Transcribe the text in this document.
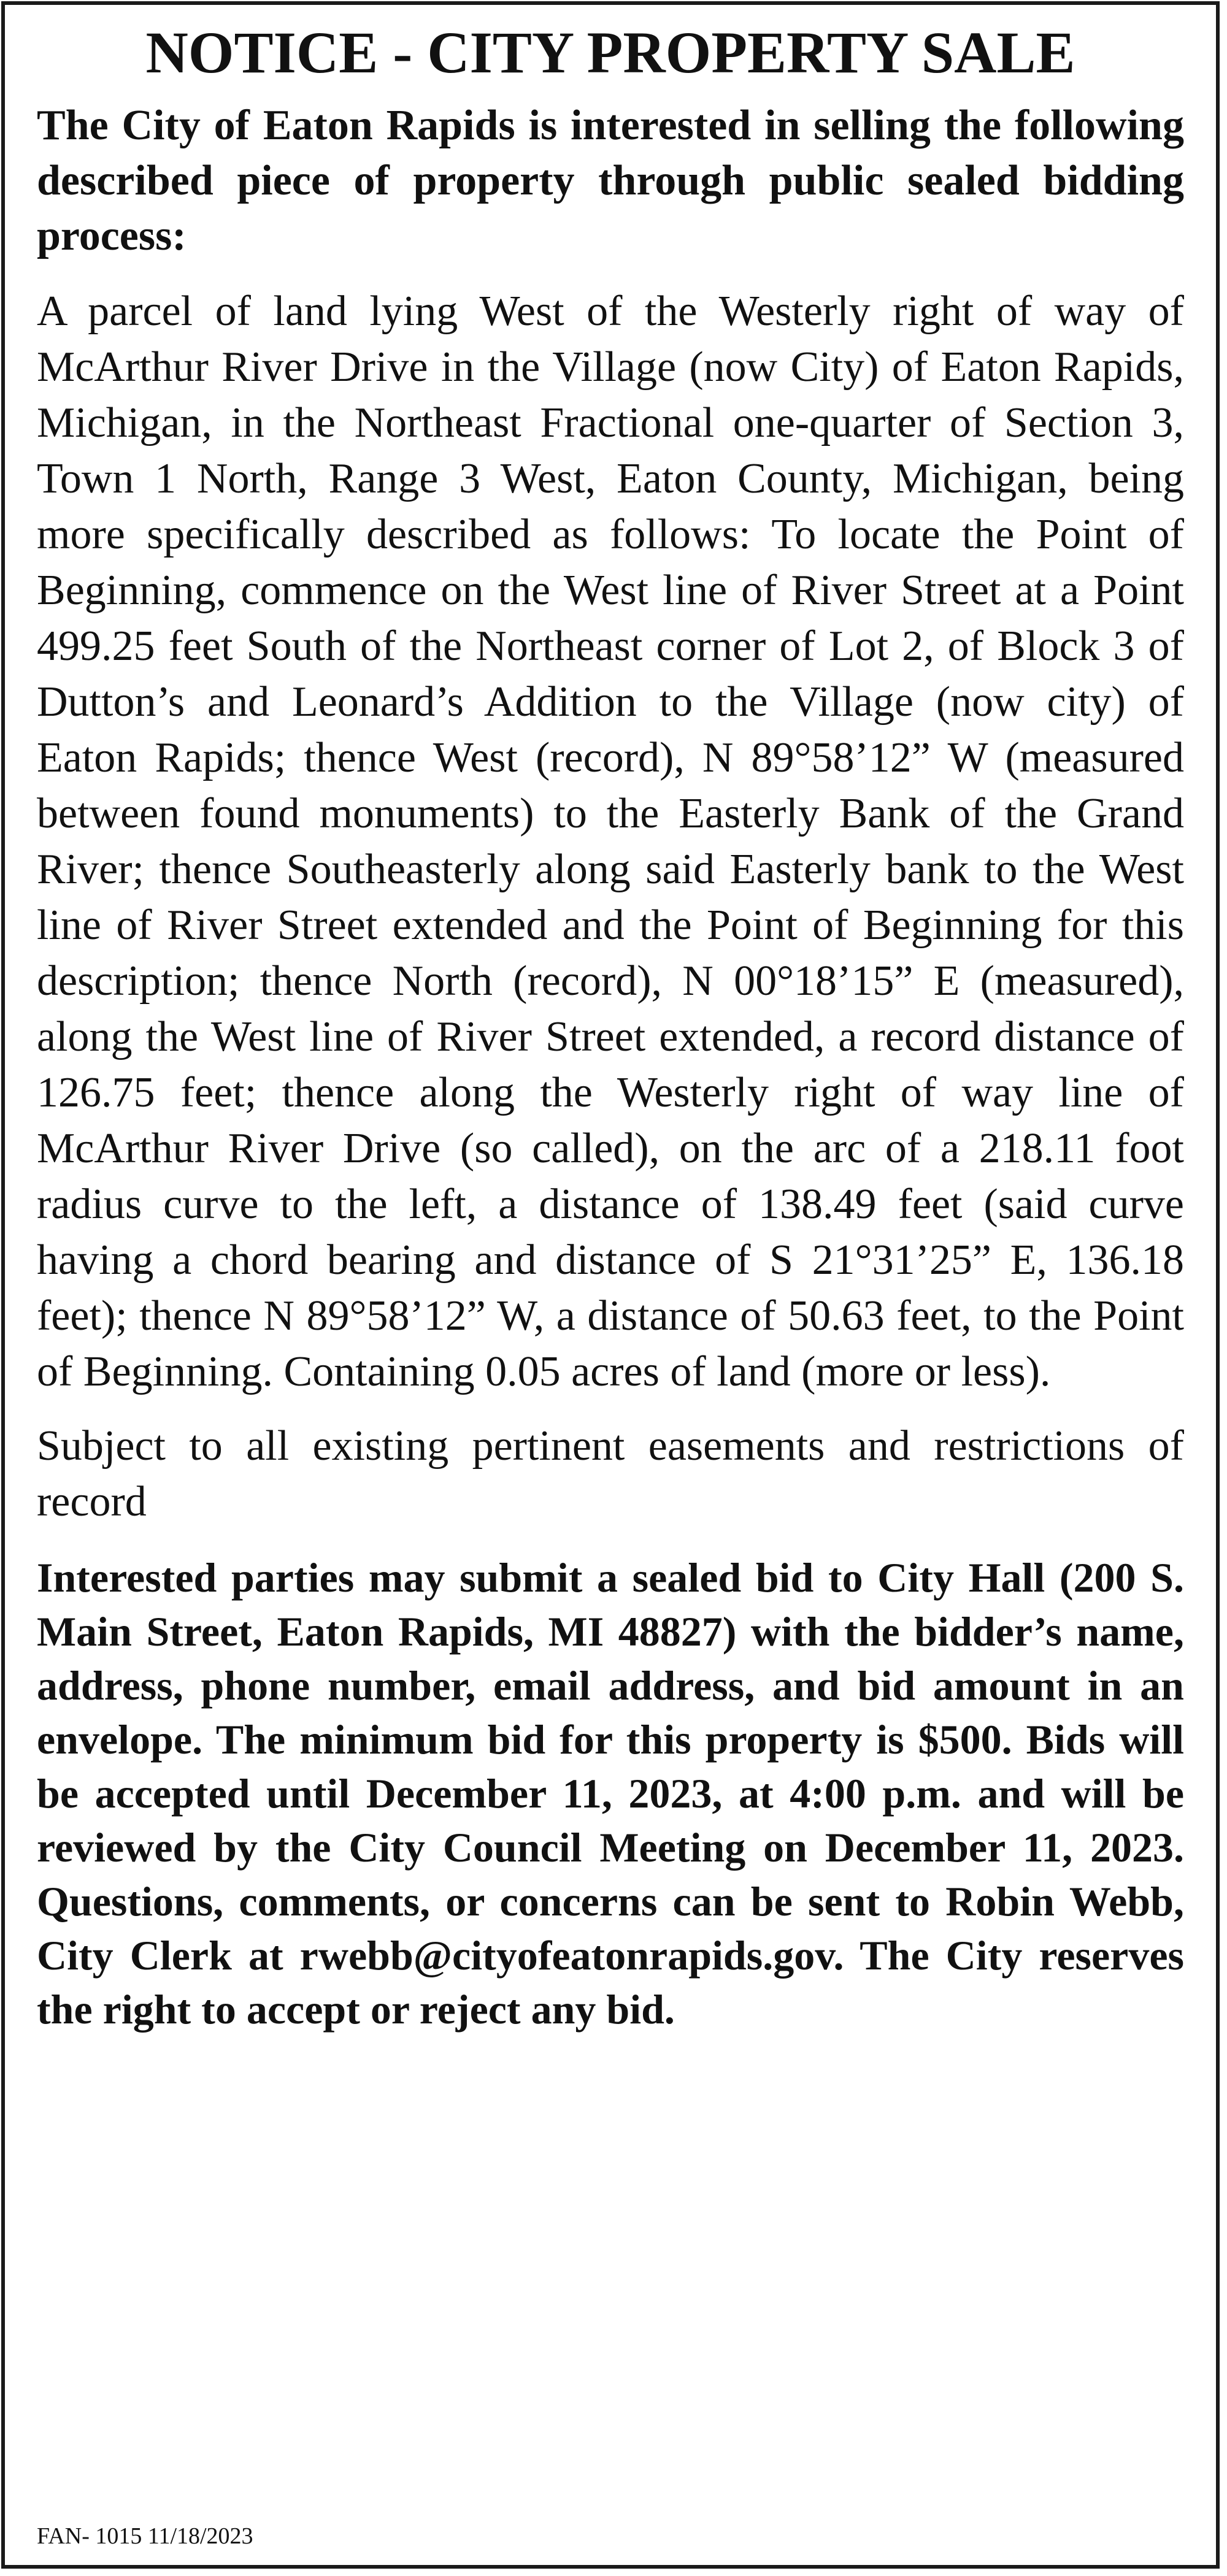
NOTICE - CITY PROPERTY SALE

The City of Eaton Rapids is interested in selling the following described piece of property through public sealed bidding process:

A parcel of land lying West of the Westerly right of way of McArthur River Drive in the Village (now City) of Eaton Rapids, Michigan, in the Northeast Fractional one-quarter of Section 3, Town 1 North, Range 3 West, Eaton County, Michigan, being more specifically described as follows: To locate the Point of Beginning, commence on the West line of River Street at a Point 499.25 feet South of the Northeast corner of Lot 2, of Block 3 of Dutton’s and Leonard’s Addition to the Village (now city) of Eaton Rapids; thence West (record), N 89°58’12” W (measured between found monuments) to the Easterly Bank of the Grand River; thence Southeasterly along said Easterly bank to the West line of River Street extended and the Point of Beginning for this description; thence North (record), N 00°18’15” E (measured), along the West line of River Street extended, a record distance of 126.75 feet; thence along the Westerly right of way line of McArthur River Drive (so called), on the arc of a 218.11 foot radius curve to the left, a distance of 138.49 feet (said curve having a chord bearing and distance of S 21°31’25” E, 136.18 feet); thence N 89°58’12” W, a distance of 50.63 feet, to the Point of Beginning. Containing 0.05 acres of land (more or less).

Subject to all existing pertinent easements and restrictions of record

Interested parties may submit a sealed bid to City Hall (200 S. Main Street, Eaton Rapids, MI 48827) with the bidder’s name, address, phone number, email address, and bid amount in an envelope. The minimum bid for this property is $500. Bids will be accepted until December 11, 2023, at 4:00 p.m. and will be reviewed by the City Council Meeting on December 11, 2023. Questions, comments, or concerns can be sent to Robin Webb, City Clerk at rwebb@cityofeatonrapids.gov. The City reserves the right to accept or reject any bid.

FAN- 1015 11/18/2023
